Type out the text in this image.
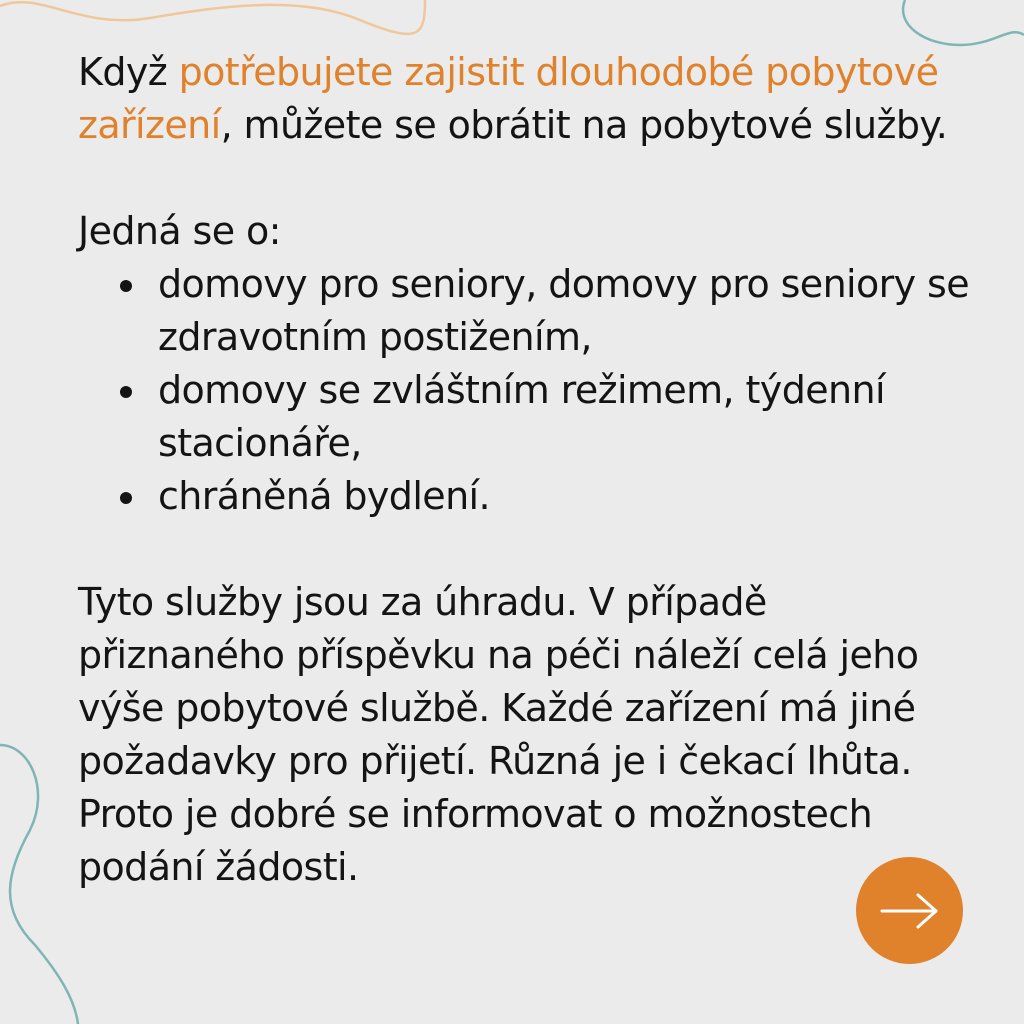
Když potřebujete zajistit dlouhodobé pobytové zařízení, můžete se obrátit na pobytové služby.

Jedná se o:

domovy pro seniory, domovy pro seniory se zdravotním postižením,
domovy se zvláštním režimem, týdenní stacionáře,
chráněná bydlení.

Tyto služby jsou za úhradu. V případě přiznaného příspěvku na péči náleží celá jeho výše pobytové službě. Každé zařízení má jiné požadavky pro přijetí. Různá je i čekací lhůta. Proto je dobré se informovat o možnostech podání žádosti.
